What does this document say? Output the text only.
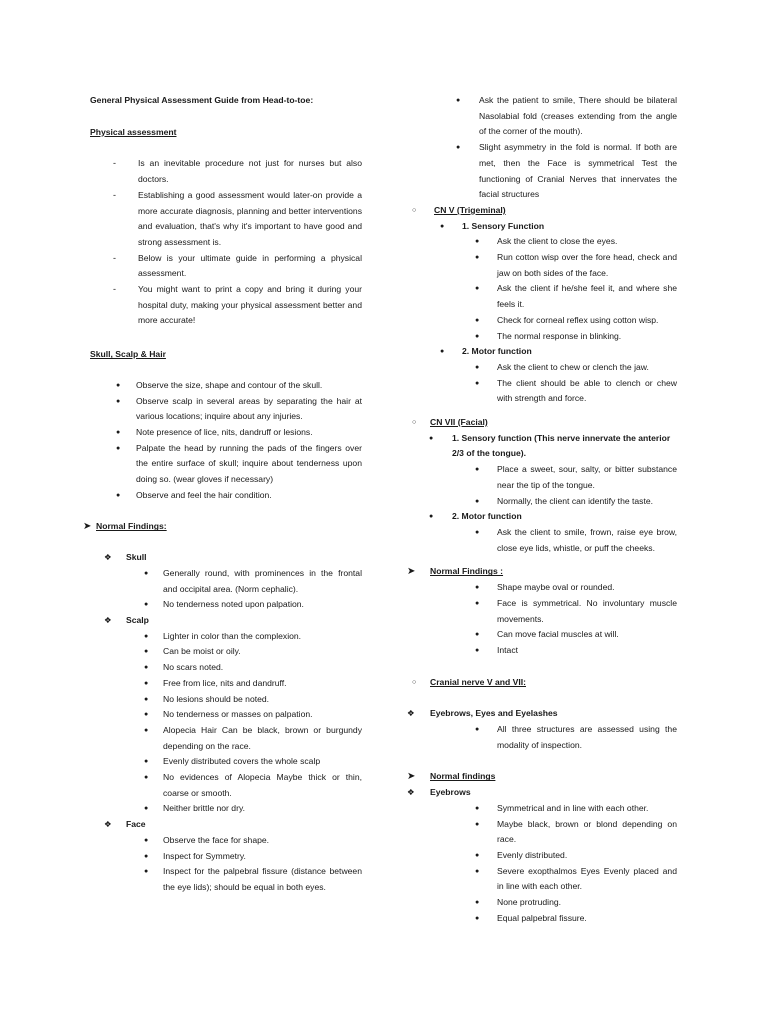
General Physical Assessment Guide from Head-to-toe:

Physical assessment

-	Is an inevitable procedure not just for nurses but also doctors.
-	Establishing a good assessment would later-on provide a more accurate diagnosis, planning and better interventions and evaluation, that's why it's important to have good and strong assessment is.
-	Below is your ultimate guide in performing a physical assessment.
-	You might want to print a copy and bring it during your hospital duty, making your physical assessment better and more accurate!

Skull, Scalp & Hair

● Observe the size, shape and contour of the skull.
● Observe scalp in several areas by separating the hair at various locations; inquire about any injuries.
● Note presence of lice, nits, dandruff or lesions.
● Palpate the head by running the pads of the fingers over the entire surface of skull; inquire about tenderness upon doing so. (wear gloves if necessary)
● Observe and feel the hair condition.
➤ Normal Findings:
❖ Skull
● Generally round, with prominences in the frontal and occipital area. (Norm cephalic).
● No tenderness noted upon palpation.
❖ Scalp
● Lighter in color than the complexion.
● Can be moist or oily.
● No scars noted.
● Free from lice, nits and dandruff.
● No lesions should be noted.
● No tenderness or masses on palpation.
● Alopecia Hair Can be black, brown or burgundy depending on the race.
● Evenly distributed covers the whole scalp
● No evidences of Alopecia Maybe thick or thin, coarse or smooth.
● Neither brittle nor dry.
❖ Face
● Observe the face for shape.
● Inspect for Symmetry.
● Inspect for the palpebral fissure (distance between the eye lids); should be equal in both eyes.
● Ask the patient to smile, There should be bilateral Nasolabial fold (creases extending from the angle of the corner of the mouth).
● Slight asymmetry in the fold is normal. If both are met, then the Face is symmetrical Test the functioning of Cranial Nerves that innervates the facial structures
○ CN V (Trigeminal)
● 1. Sensory Function
● Ask the client to close the eyes.
● Run cotton wisp over the fore head, check and jaw on both sides of the face.
● Ask the client if he/she feel it, and where she feels it.
● Check for corneal reflex using cotton wisp.
● The normal response in blinking.
● 2. Motor function
● Ask the client to chew or clench the jaw.
● The client should be able to clench or chew with strength and force.
○ CN VII (Facial)
● 1. Sensory function (This nerve innervate the anterior 2/3 of the tongue).
● Place a sweet, sour, salty, or bitter substance near the tip of the tongue.
● Normally, the client can identify the taste.
● 2. Motor function
● Ask the client to smile, frown, raise eye brow, close eye lids, whistle, or puff the cheeks.
➤ Normal Findings :
● Shape maybe oval or rounded.
● Face is symmetrical. No involuntary muscle movements.
● Can move facial muscles at will.
● Intact
○ Cranial nerve V and VII:
❖ Eyebrows, Eyes and Eyelashes
● All three structures are assessed using the modality of inspection.
➤ Normal findings
❖ Eyebrows
● Symmetrical and in line with each other.
● Maybe black, brown or blond depending on race.
● Evenly distributed.
● Severe exopthalmos Eyes Evenly placed and in line with each other.
● None protruding.
● Equal palpebral fissure.
